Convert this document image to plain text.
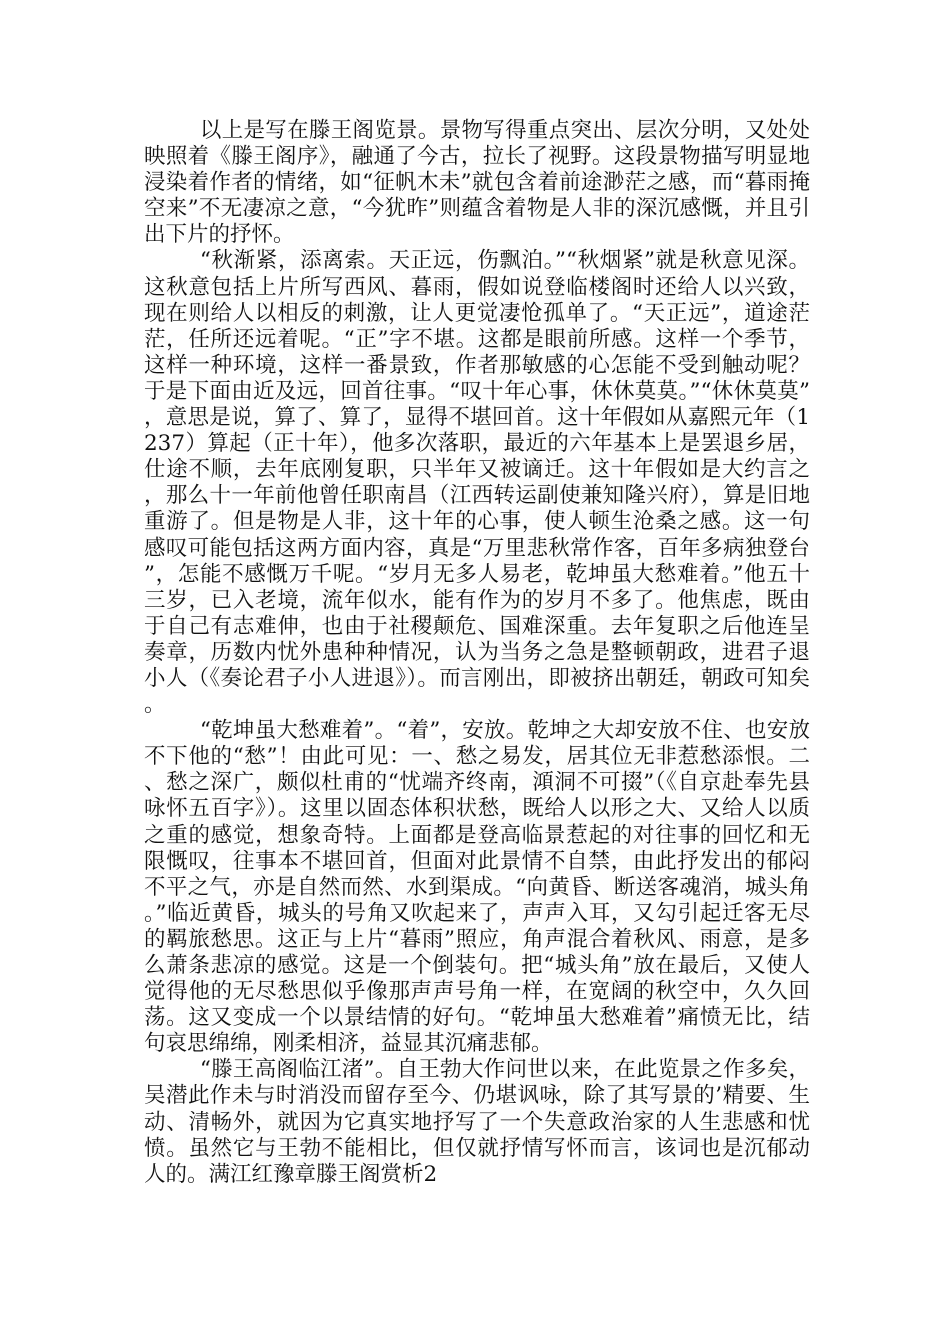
以上是写在滕王阁览景。景物写得重点突出、层次分明，又处处映照着《滕王阁序》，融通了今古，拉长了视野。这段景物描写明显地浸染着作者的情绪，如“征帆木未”就包含着前途渺茫之感，而“暮雨掩空来”不无凄凉之意，“今犹昨”则蕴含着物是人非的深沉感慨，并且引出下片的抒怀。

“秋渐紧，添离索。天正远，伤飘泊。”“秋烟紧”就是秋意见深。这秋意包括上片所写西风、暮雨，假如说登临楼阁时还给人以兴致，现在则给人以相反的刺激，让人更觉凄怆孤单了。“天正远”，道途茫茫，任所还远着呢。“正”字不堪。这都是眼前所感。这样一个季节，这样一种环境，这样一番景致，作者那敏感的心怎能不受到触动呢？于是下面由近及远，回首往事。“叹十年心事，休休莫莫。”“休休莫莫”，意思是说，算了、算了，显得不堪回首。这十年假如从嘉熙元年（1237）算起（正十年），他多次落职，最近的六年基本上是罢退乡居，仕途不顺，去年底刚复职，只半年又被谪迁。这十年假如是大约言之，那么十一年前他曾任职南昌（江西转运副使兼知隆兴府），算是旧地重游了。但是物是人非，这十年的心事，使人顿生沧桑之感。这一句感叹可能包括这两方面内容，真是“万里悲秋常作客，百年多病独登台”，怎能不感慨万千呢。“岁月无多人易老，乾坤虽大愁难着。”他五十三岁，已入老境，流年似水，能有作为的岁月不多了。他焦虑，既由于自己有志难伸，也由于社稷颠危、国难深重。去年复职之后他连呈奏章，历数内忧外患种种情况，认为当务之急是整顿朝政，进君子退小人（《奏论君子小人进退》）。而言刚出，即被挤出朝廷，朝政可知矣。

“乾坤虽大愁难着”。“着”，安放。乾坤之大却安放不住、也安放不下他的“愁”！由此可见：一、愁之易发，居其位无非惹愁添恨。二、愁之深广，颇似杜甫的“忧端齐终南，澒洞不可掇”（《自京赴奉先县咏怀五百字》）。这里以固态体积状愁，既给人以形之大、又给人以质之重的感觉，想象奇特。上面都是登高临景惹起的对往事的回忆和无限慨叹，往事本不堪回首，但面对此景情不自禁，由此抒发出的郁闷不平之气，亦是自然而然、水到渠成。“向黄昏、断送客魂消，城头角。”临近黄昏，城头的号角又吹起来了，声声入耳，又勾引起迁客无尽的羁旅愁思。这正与上片“暮雨”照应，角声混合着秋风、雨意，是多么萧条悲凉的感觉。这是一个倒装句。把“城头角”放在最后，又使人觉得他的无尽愁思似乎像那声声号角一样，在宽阔的秋空中，久久回荡。这又变成一个以景结情的好句。“乾坤虽大愁难着”痛愤无比，结句哀思绵绵，刚柔相济，益显其沉痛悲郁。

“滕王高阁临江渚”。自王勃大作问世以来，在此览景之作多矣，吴潜此作未与时消没而留存至今、仍堪讽咏，除了其写景的’精要、生动、清畅外，就因为它真实地抒写了一个失意政治家的人生悲感和忧愤。虽然它与王勃不能相比，但仅就抒情写怀而言，该词也是沉郁动人的。满江红豫章滕王阁赏析2
